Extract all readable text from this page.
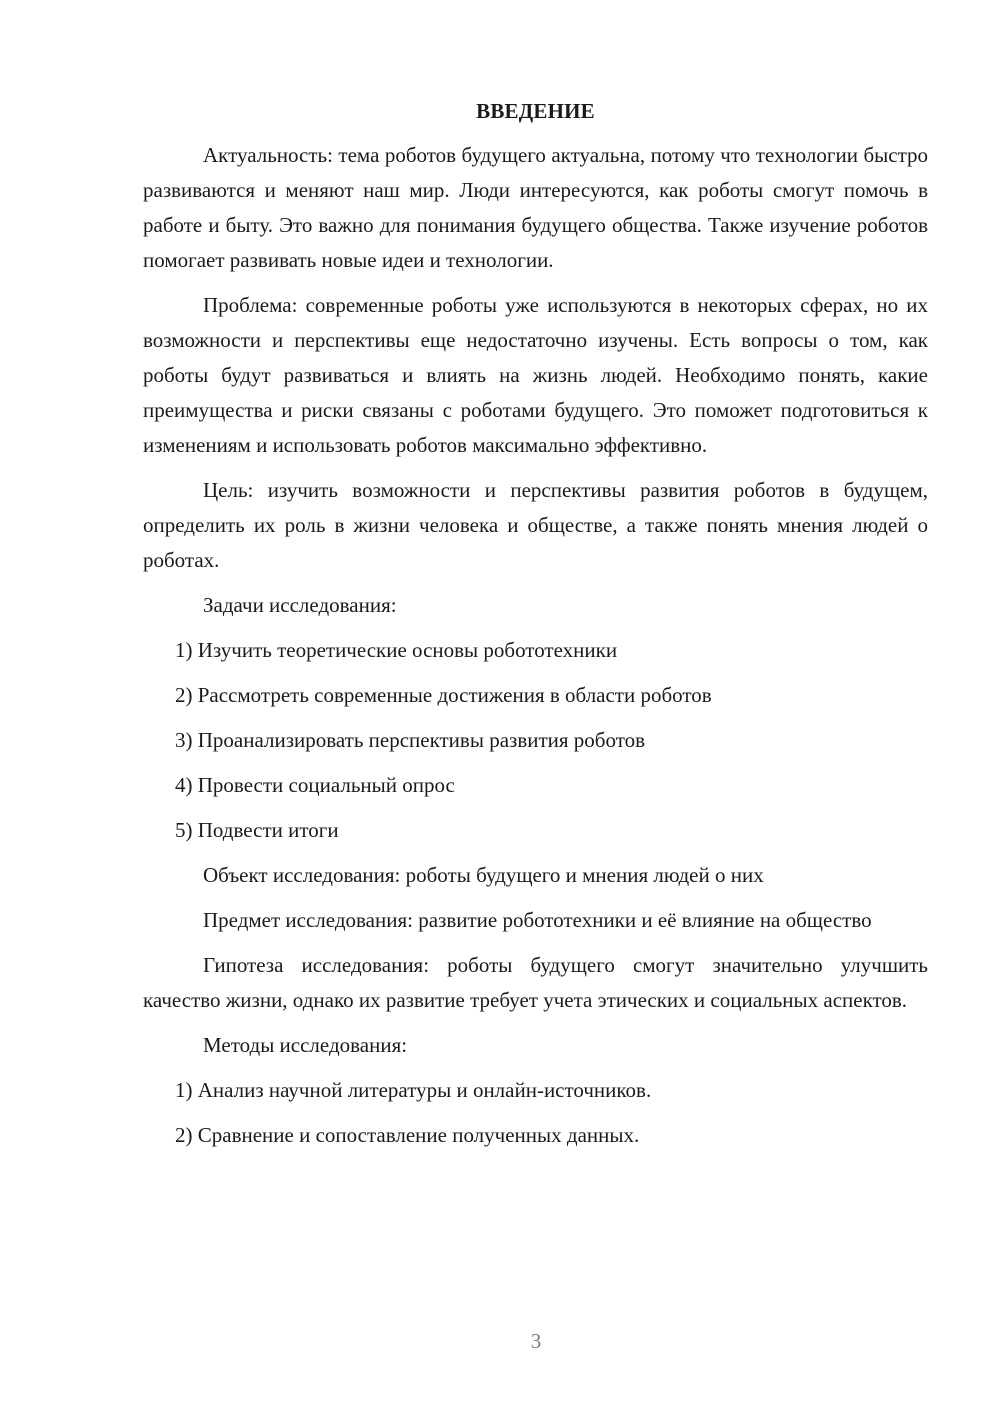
ВВЕДЕНИЕ

Актуальность: тема роботов будущего актуальна, потому что технологии быстро развиваются и меняют наш мир. Люди интересуются, как роботы смогут помочь в работе и быту. Это важно для понимания будущего общества. Также изучение роботов помогает развивать новые идеи и технологии.

Проблема: современные роботы уже используются в некоторых сферах, но их возможности и перспективы еще недостаточно изучены. Есть вопросы о том, как роботы будут развиваться и влиять на жизнь людей. Необходимо понять, какие преимущества и риски связаны с роботами будущего. Это поможет подготовиться к изменениям и использовать роботов максимально эффективно.

Цель: изучить возможности и перспективы развития роботов в будущем, определить их роль в жизни человека и обществе, а также понять мнения людей о роботах.

Задачи исследования:
1) Изучить теоретические основы робототехники
2) Рассмотреть современные достижения в области роботов
3) Проанализировать перспективы развития роботов
4) Провести социальный опрос
5) Подвести итоги
Объект исследования: роботы будущего и мнения людей о них

Предмет исследования: развитие робототехники и её влияние на общество

Гипотеза исследования: роботы будущего смогут значительно улучшить качество жизни, однако их развитие требует учета этических и социальных аспектов.

Методы исследования:
1) Анализ научной литературы и онлайн-источников.
2) Сравнение и сопоставление полученных данных.
3
